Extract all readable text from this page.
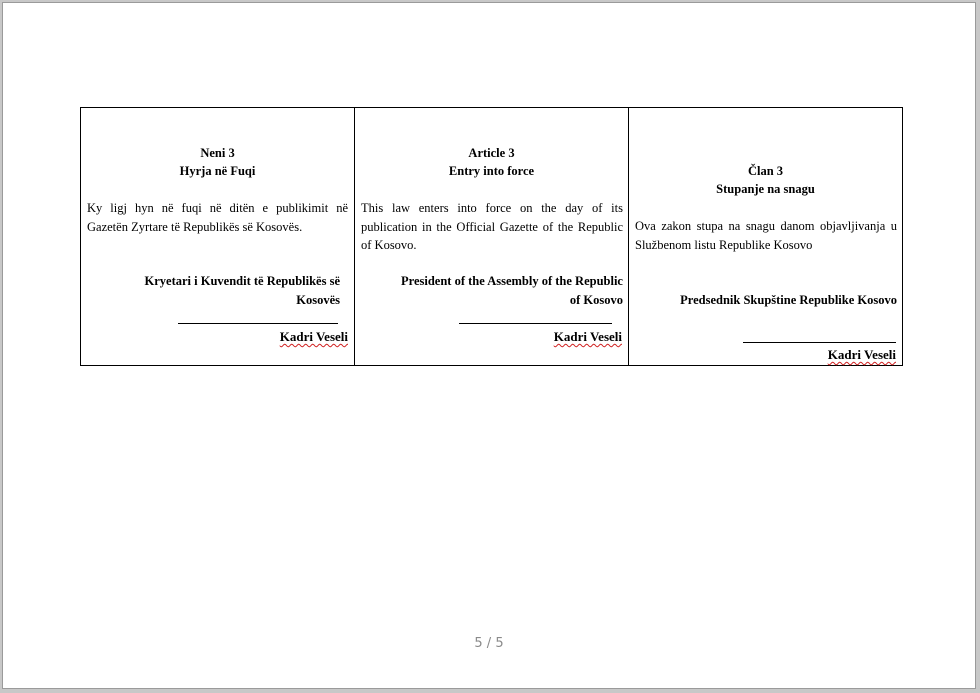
Neni 3
Hyrja në Fuqi
Ky ligj hyn në fuqi në ditën e publikimit në Gazetën Zyrtare të Republikës së Kosovës.
Kryetari i Kuvendit të Republikës së
Kosovës
Kadri Veseli

Article 3
Entry into force
This law enters into force on the day of its publication in the Official Gazette of the Republic of Kosovo.
President of the Assembly of the Republic
of Kosovo
Kadri Veseli

Član 3
Stupanje na snagu
Ova zakon stupa na snagu danom objavljivanja u Službenom listu Republike Kosovo
Predsednik Skupštine Republike Kosovo
Kadri Veseli
5 / 5
